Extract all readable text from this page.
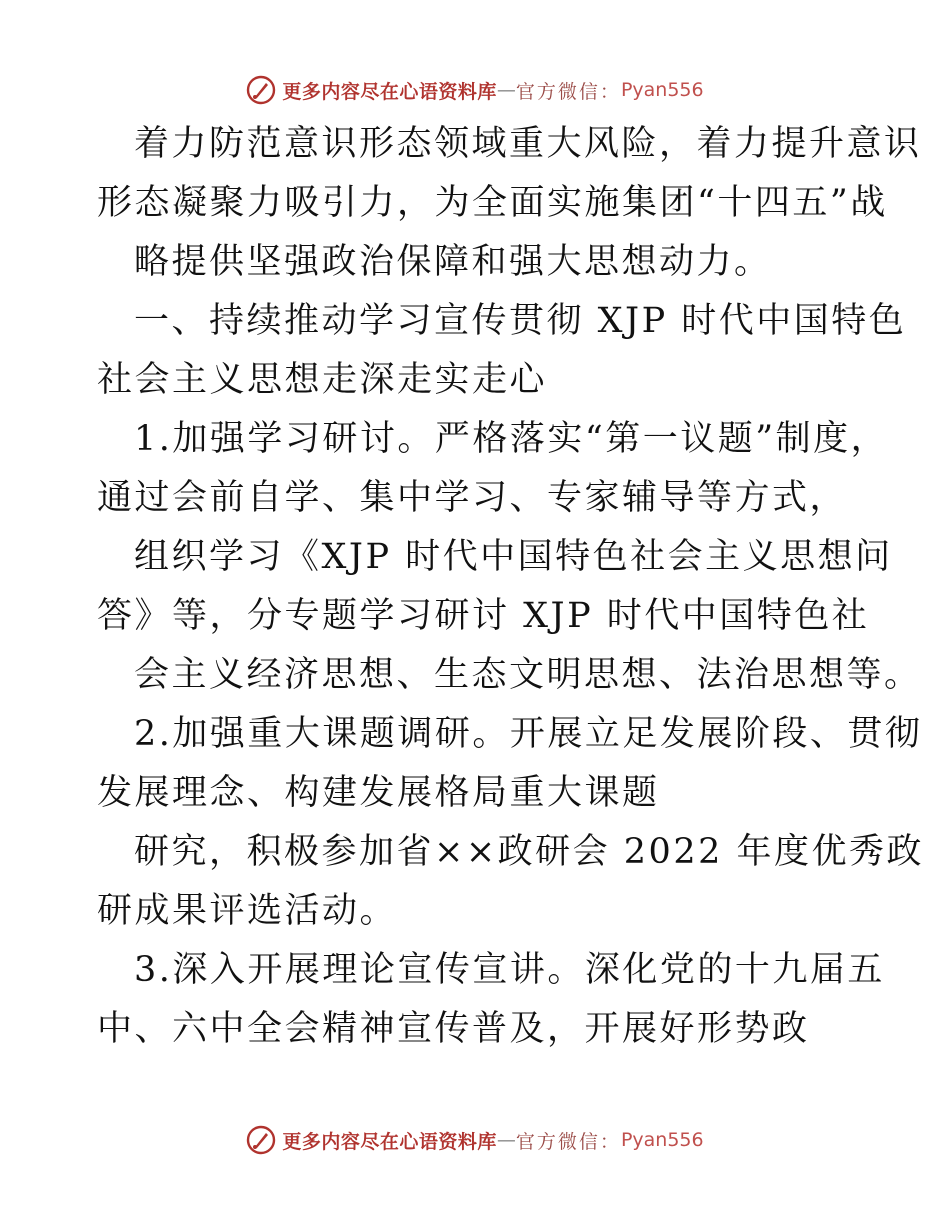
更多内容尽在心语资料库 — 官方微信： Pyan556
着力防范意识形态领域重大风险，着力提升意识
形态凝聚力吸引力，为全面实施集团“十四五”战
略提供坚强政治保障和强大思想动力。
一、持续推动学习宣传贯彻 XJP 时代中国特色
社会主义思想走深走实走心
1.加强学习研讨。严格落实“第一议题”制度，
通过会前自学、集中学习、专家辅导等方式，
组织学习《XJP 时代中国特色社会主义思想问
答》等，分专题学习研讨 XJP 时代中国特色社
会主义经济思想、生态文明思想、法治思想等。
2.加强重大课题调研。开展立足发展阶段、贯彻
发展理念、构建发展格局重大课题
研究，积极参加省××政研会 2022 年度优秀政
研成果评选活动。
3.深入开展理论宣传宣讲。深化党的十九届五
中、六中全会精神宣传普及，开展好形势政
更多内容尽在心语资料库 — 官方微信： Pyan556
